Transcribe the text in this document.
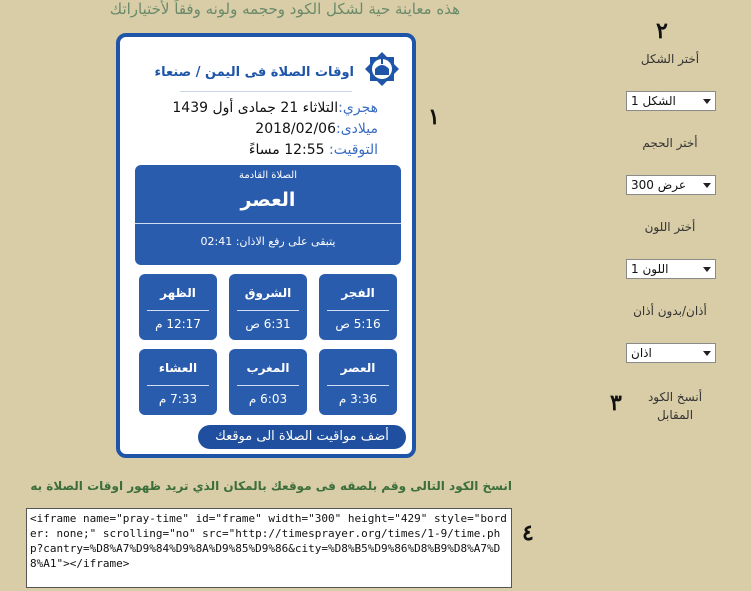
هذه معاينة حية لشكل الكود وحجمه ولونه وفقاً لأختياراتك
١
٢
٣
٤
اوقات الصلاة فى اليمن / صنعاء
هجري:التلاثاء 21 جمادى أول 1439
ميلادى:2018/02/06
التوقيت: 12:55 مساءً
الصلاة القادمة
العصر
يتبقى على رفع الاذان: 02:41
الفجر
5:16 ص
الشروق
6:31 ص
الظهر
12:17 م
العصر
3:36 م
المغرب
6:03 م
العشاء
7:33 م
أضف مواقيت الصلاة الى موقعك
أختر الشكل
الشكل 1
أختر الحجم
عرض 300
أختر اللون
اللون 1
أذان/بدون أذان
اذان
أنسخ الكود المقابل
انسخ الكود التالى وقم بلصقه فى موقعك بالمكان الذي تريد ظهور اوقات الصلاة به
<iframe name="pray-time" id="frame" width="300" height="429" style="border: none;" scrolling="no" src="http://timesprayer.org/times/1-9/time.php?cantry=%D8%A7%D9%84%D9%8A%D9%85%D9%86&city=%D8%B5%D9%86%D8%B9%D8%A7%D8%A1"></iframe>
